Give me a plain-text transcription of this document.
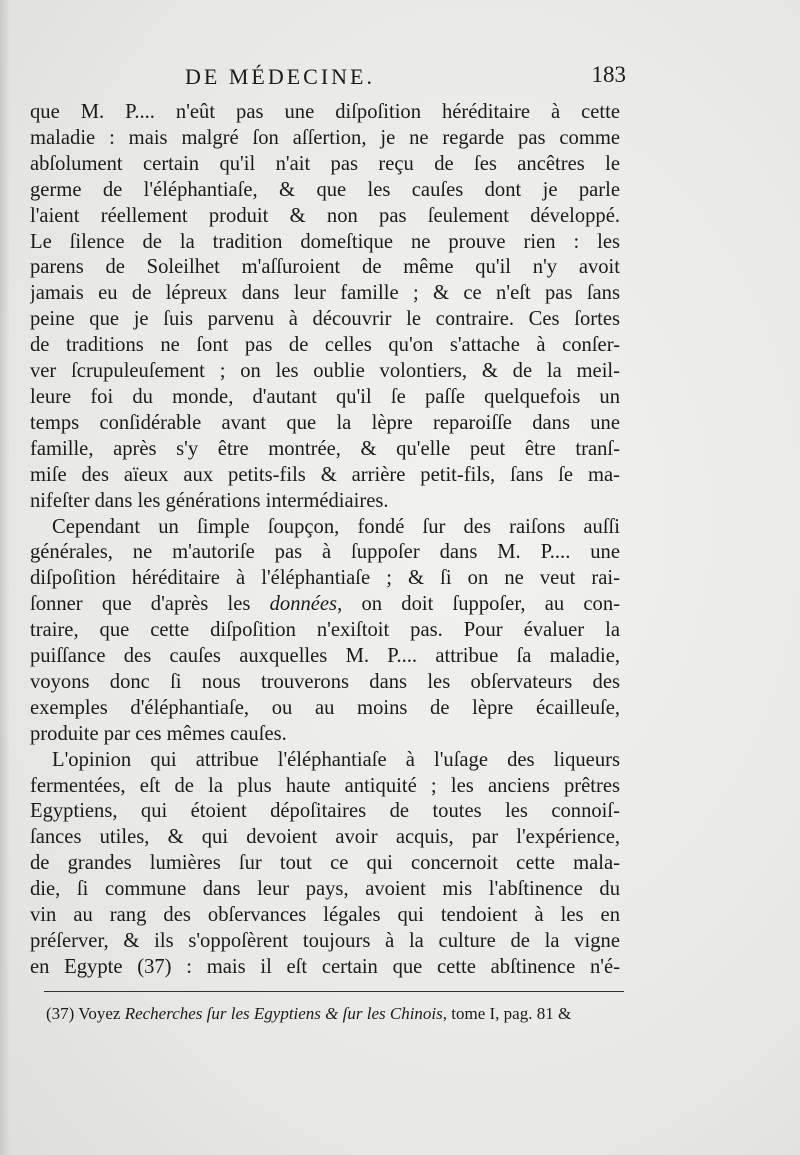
DE MÉDECINE.	183
que M. P.... n'eût pas une diſpoſition héréditaire à cette
maladie : mais malgré ſon aſſertion, je ne regarde pas comme
abſolument certain qu'il n'ait pas reçu de ſes ancêtres le
germe de l'éléphantiaſe, & que les cauſes dont je parle
l'aient réellement produit & non pas ſeulement développé.
Le ſilence de la tradition domeſtique ne prouve rien : les
parens de Soleilhet m'aſſuroient de même qu'il n'y avoit
jamais eu de lépreux dans leur famille ; & ce n'eſt pas ſans
peine que je ſuis parvenu à découvrir le contraire. Ces ſortes
de traditions ne ſont pas de celles qu'on s'attache à conſer-
ver ſcrupuleuſement ; on les oublie volontiers, & de la meil-
leure foi du monde, d'autant qu'il ſe paſſe quelquefois un
temps conſidérable avant que la lèpre reparoiſſe dans une
famille, après s'y être montrée, & qu'elle peut être tranſ-
miſe des aïeux aux petits-fils & arrière petit-fils, ſans ſe ma-
nifeſter dans les générations intermédiaires.
Cependant un ſimple ſoupçon, fondé ſur des raiſons auſſi
générales, ne m'autoriſe pas à ſuppoſer dans M. P.... une
diſpoſition héréditaire à l'éléphantiaſe ; & ſi on ne veut rai-
ſonner que d'après les données, on doit ſuppoſer, au con-
traire, que cette diſpoſition n'exiſtoit pas. Pour évaluer la
puiſſance des cauſes auxquelles M. P.... attribue ſa maladie,
voyons donc ſi nous trouverons dans les obſervateurs des
exemples d'éléphantiaſe, ou au moins de lèpre écailleuſe,
produite par ces mêmes cauſes.
L'opinion qui attribue l'éléphantiaſe à l'uſage des liqueurs
fermentées, eſt de la plus haute antiquité ; les anciens prêtres
Egyptiens, qui étoient dépoſitaires de toutes les connoiſ-
ſances utiles, & qui devoient avoir acquis, par l'expérience,
de grandes lumières ſur tout ce qui concernoit cette mala-
die, ſi commune dans leur pays, avoient mis l'abſtinence du
vin au rang des obſervances légales qui tendoient à les en
préſerver, & ils s'oppoſèrent toujours à la culture de la vigne
en Egypte (37) : mais il eſt certain que cette abſtinence n'é-
(37) Voyez Recherches ſur les Egyptiens & ſur les Chinois, tome I, pag. 81 &
